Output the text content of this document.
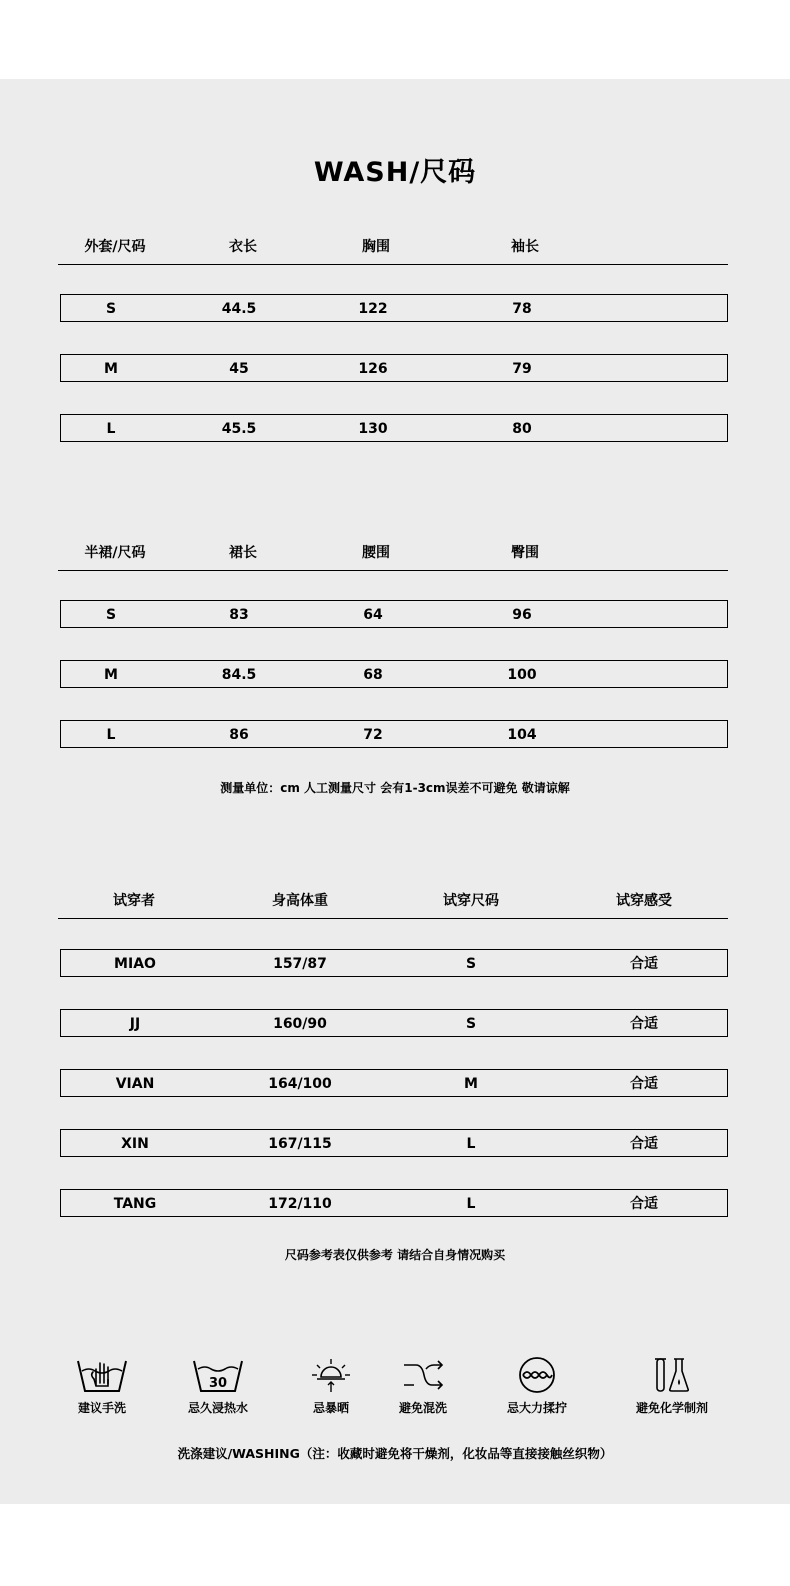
WASH/尺码
外套/尺码	衣长	胸围	袖长
S	44.5	122	78
M	45	126	79
L	45.5	130	80
半裙/尺码	裙长	腰围	臀围
S	83	64	96
M	84.5	68	100
L	86	72	104
测量单位：cm 人工测量尺寸 会有1-3cm误差不可避免 敬请谅解
试穿者	身高体重	试穿尺码	试穿感受
MIAO	157/87	S	合适
JJ	160/90	S	合适
VIAN	164/100	M	合适
XIN	167/115	L	合适
TANG	172/110	L	合适
尺码参考表仅供参考 请结合自身情况购买
建议手洗
30
忌久浸热水	忌暴晒	避免混洗	忌大力揉拧	避免化学制剂
洗涤建议/WASHING（注：收藏时避免将干燥剂，化妆品等直接接触丝织物）
